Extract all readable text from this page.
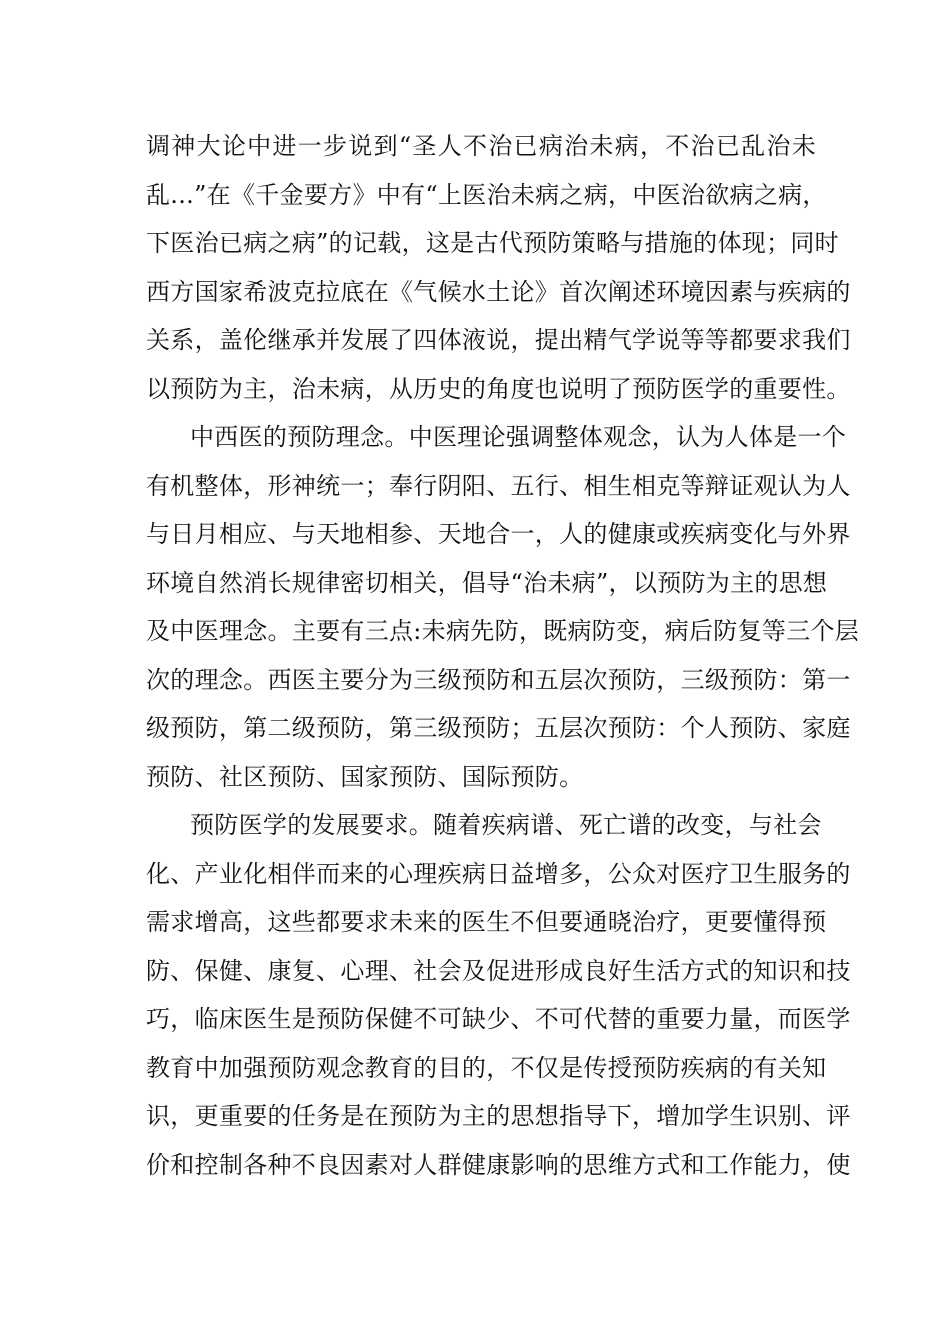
调神大论中进一步说到“圣人不治已病治未病，不治已乱治未
乱...”在《千金要方》中有“上医治未病之病，中医治欲病之病，
下医治已病之病”的记载，这是古代预防策略与措施的体现；同时
西方国家希波克拉底在《气候水土论》首次阐述环境因素与疾病的
关系，盖伦继承并发展了四体液说，提出精气学说等等都要求我们
以预防为主，治未病，从历史的角度也说明了预防医学的重要性。
中西医的预防理念。中医理论强调整体观念，认为人体是一个
有机整体，形神统一；奉行阴阳、五行、相生相克等辩证观认为人
与日月相应、与天地相参、天地合一，人的健康或疾病变化与外界
环境自然消长规律密切相关，倡导“治未病”，以预防为主的思想
及中医理念。主要有三点:未病先防，既病防变，病后防复等三个层
次的理念。西医主要分为三级预防和五层次预防，三级预防：第一
级预防，第二级预防，第三级预防；五层次预防：个人预防、家庭
预防、社区预防、国家预防、国际预防。
预防医学的发展要求。随着疾病谱、死亡谱的改变，与社会
化、产业化相伴而来的心理疾病日益增多，公众对医疗卫生服务的
需求增高，这些都要求未来的医生不但要通晓治疗，更要懂得预
防、保健、康复、心理、社会及促进形成良好生活方式的知识和技
巧，临床医生是预防保健不可缺少、不可代替的重要力量，而医学
教育中加强预防观念教育的目的，不仅是传授预防疾病的有关知
识，更重要的任务是在预防为主的思想指导下，增加学生识别、评
价和控制各种不良因素对人群健康影响的思维方式和工作能力，使
